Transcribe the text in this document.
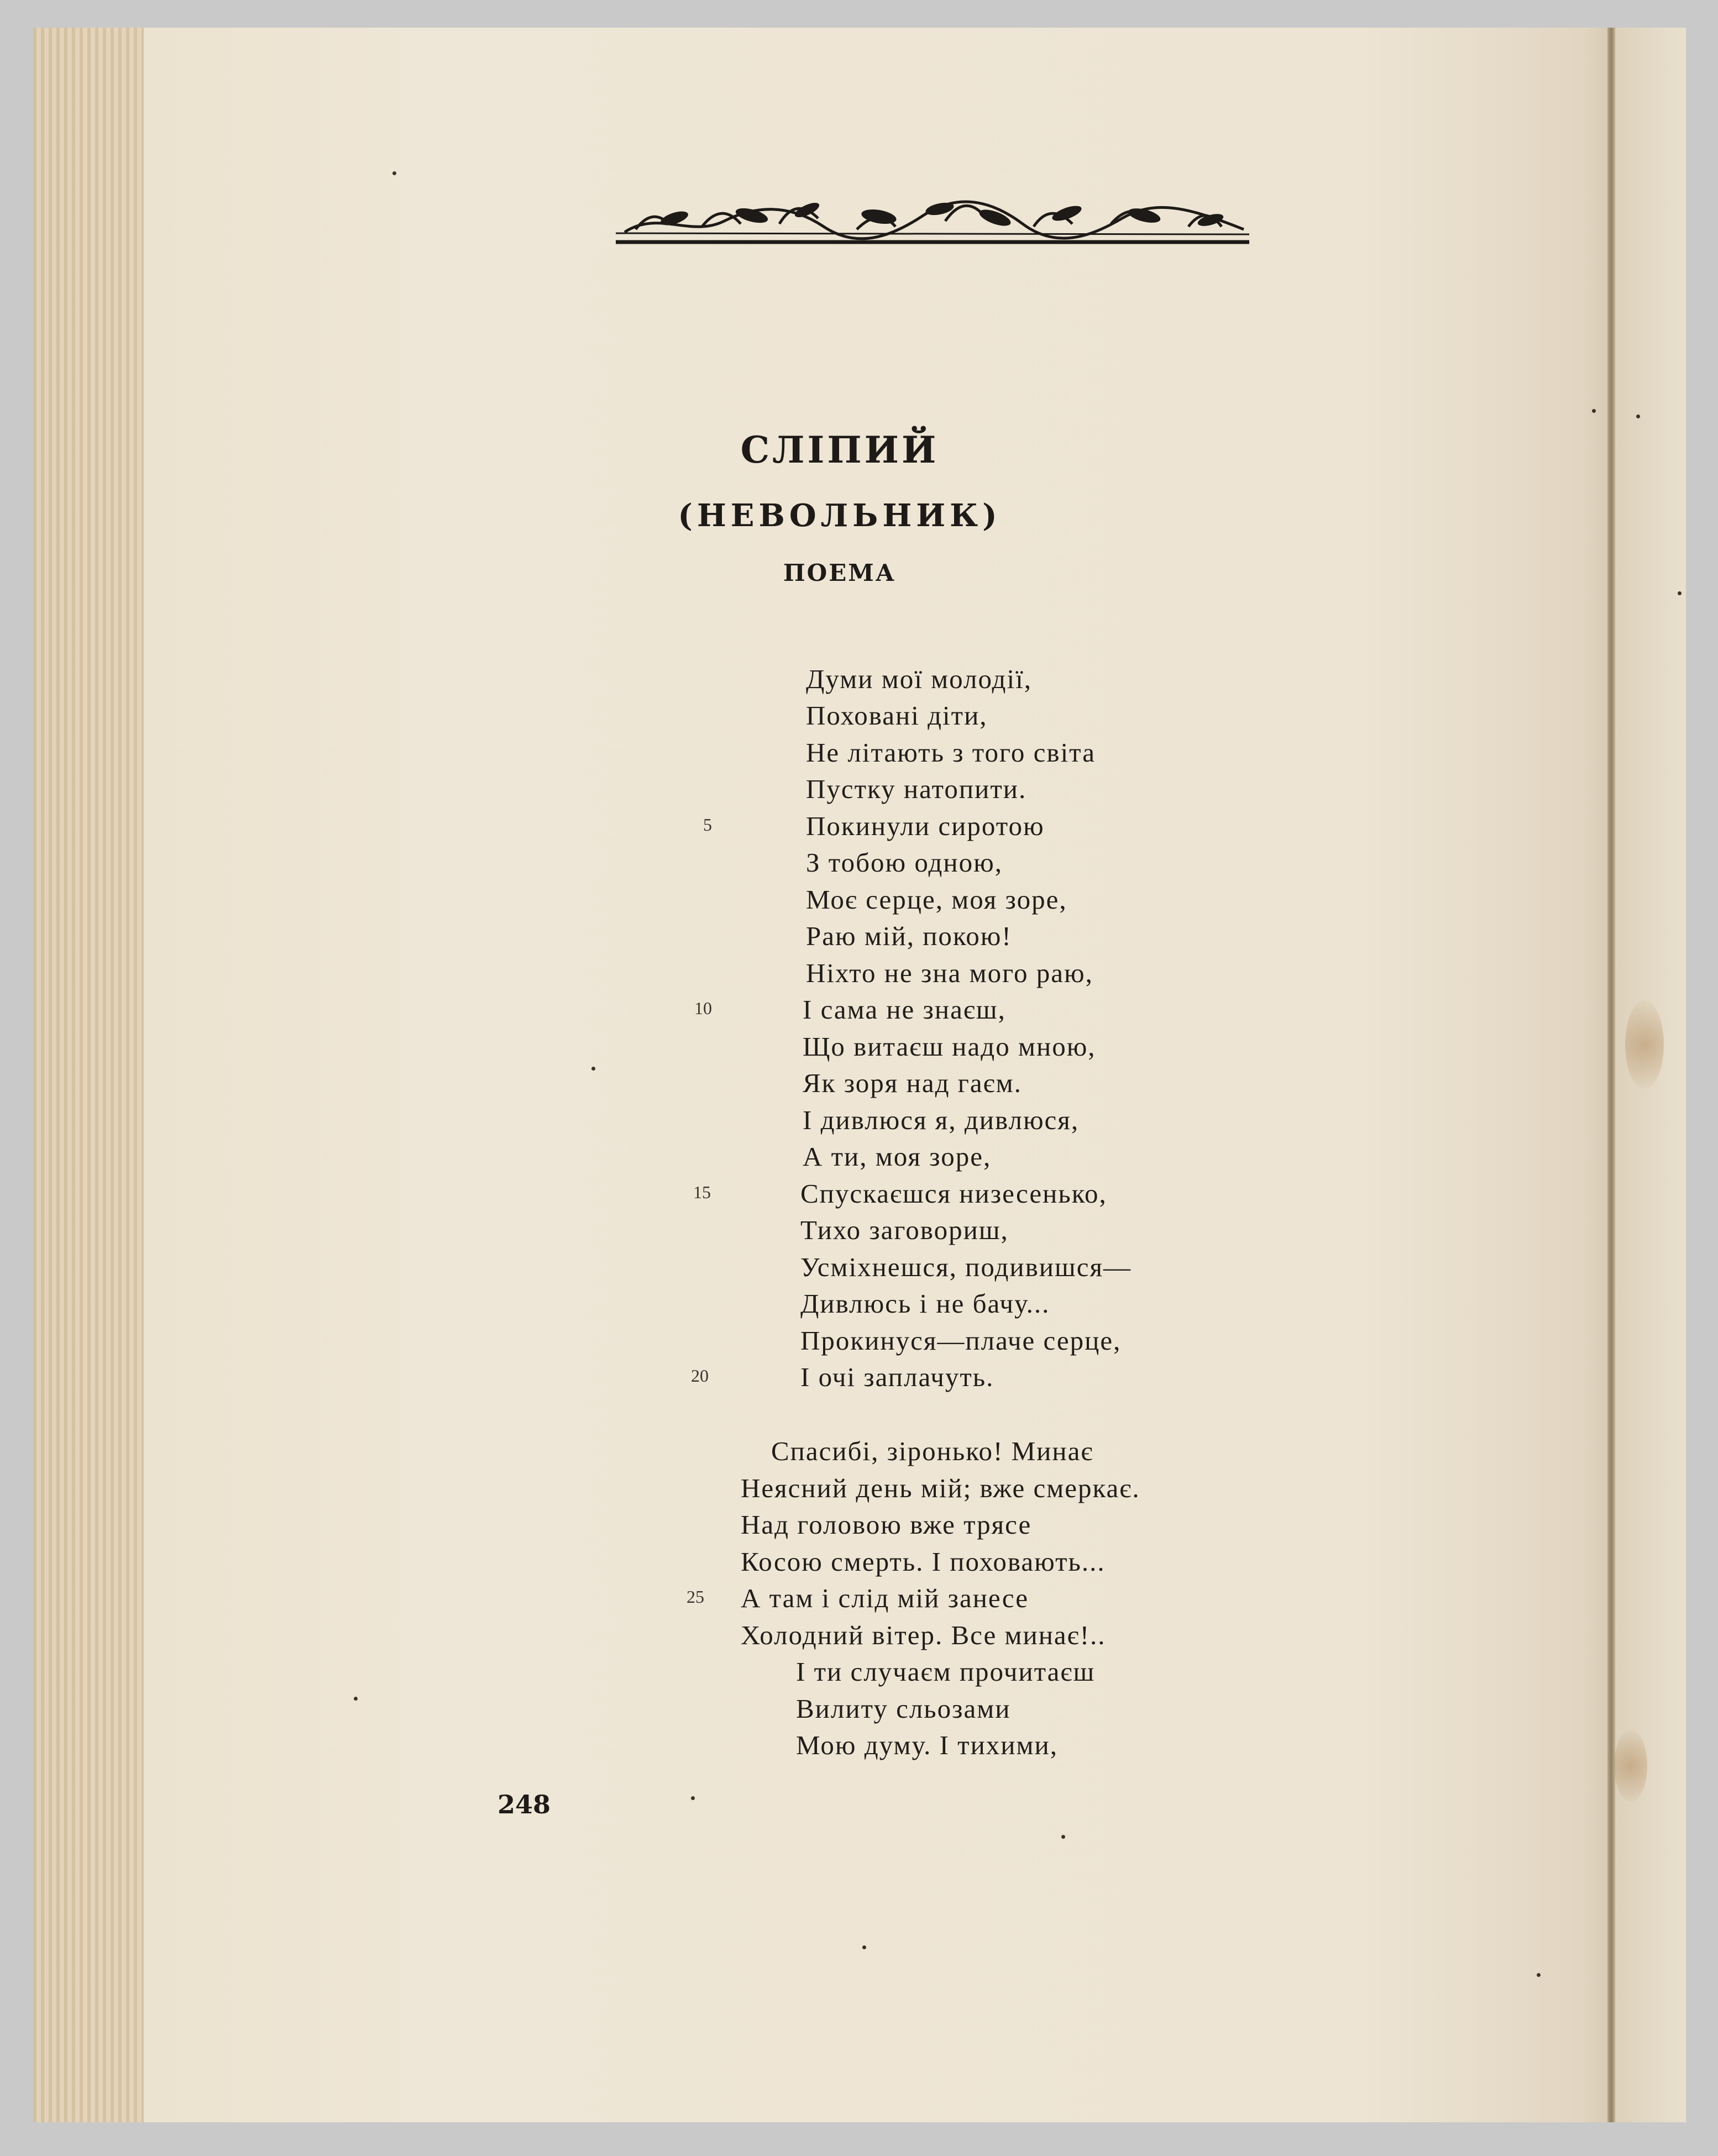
СЛІПИЙ
(НЕВОЛЬНИК)
ПОЕМА

Думи мої молодії,

Поховані діти,

Не літають з того світа

Пустку натопити.

Покинули сиротою

З тобою одною,

Моє серце, моя зоре,

Раю мій, покою!

Ніхто не зна мого раю,

І сама не знаєш,

Що витаєш надо мною,

Як зоря над гаєм.

І дивлюся я, дивлюся,

А ти, моя зоре,

Спускаєшся низесенько,

Тихо заговориш,

Усміхнешся, подивишся—

Дивлюсь і не бачу...

Прокинуся—плаче серце,

І очі заплачуть.

Спасибі, зіронько! Минає

Неясний день мій; вже смеркає.

Над головою вже трясе

Косою смерть. І поховають...

А там і слід мій занесе

Холодний вітер. Все минає!..

І ти случаєм прочитаєш

Вилиту сльозами

Мою думу. І тихими,

5

10

15

20

25

248
